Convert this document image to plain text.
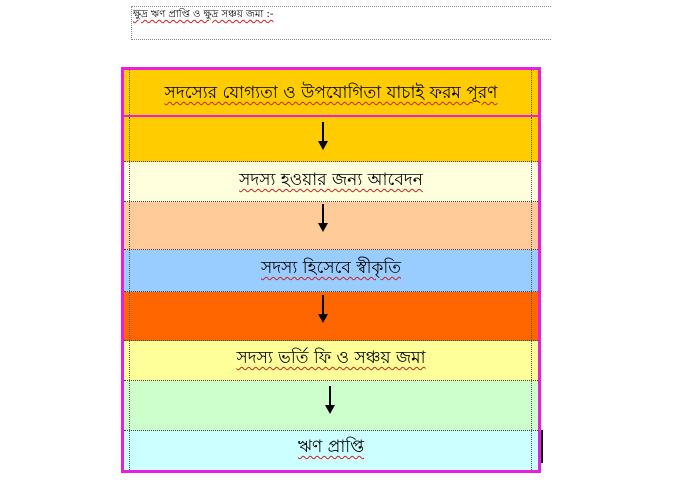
ক্ষুদ্র ঋণ প্রাপ্তি ও ক্ষুদ্র সঞ্চয় জমা :-
সদস্যের যোগ্যতা ও উপযোগিতা যাচাই ফরম পূরণ
সদস্য হওয়ার জন্য আবেদন
সদস্য হিসেবে স্বীকৃতি
সদস্য ভর্তি ফি ও সঞ্চয় জমা
ঋণ প্রাপ্তি
